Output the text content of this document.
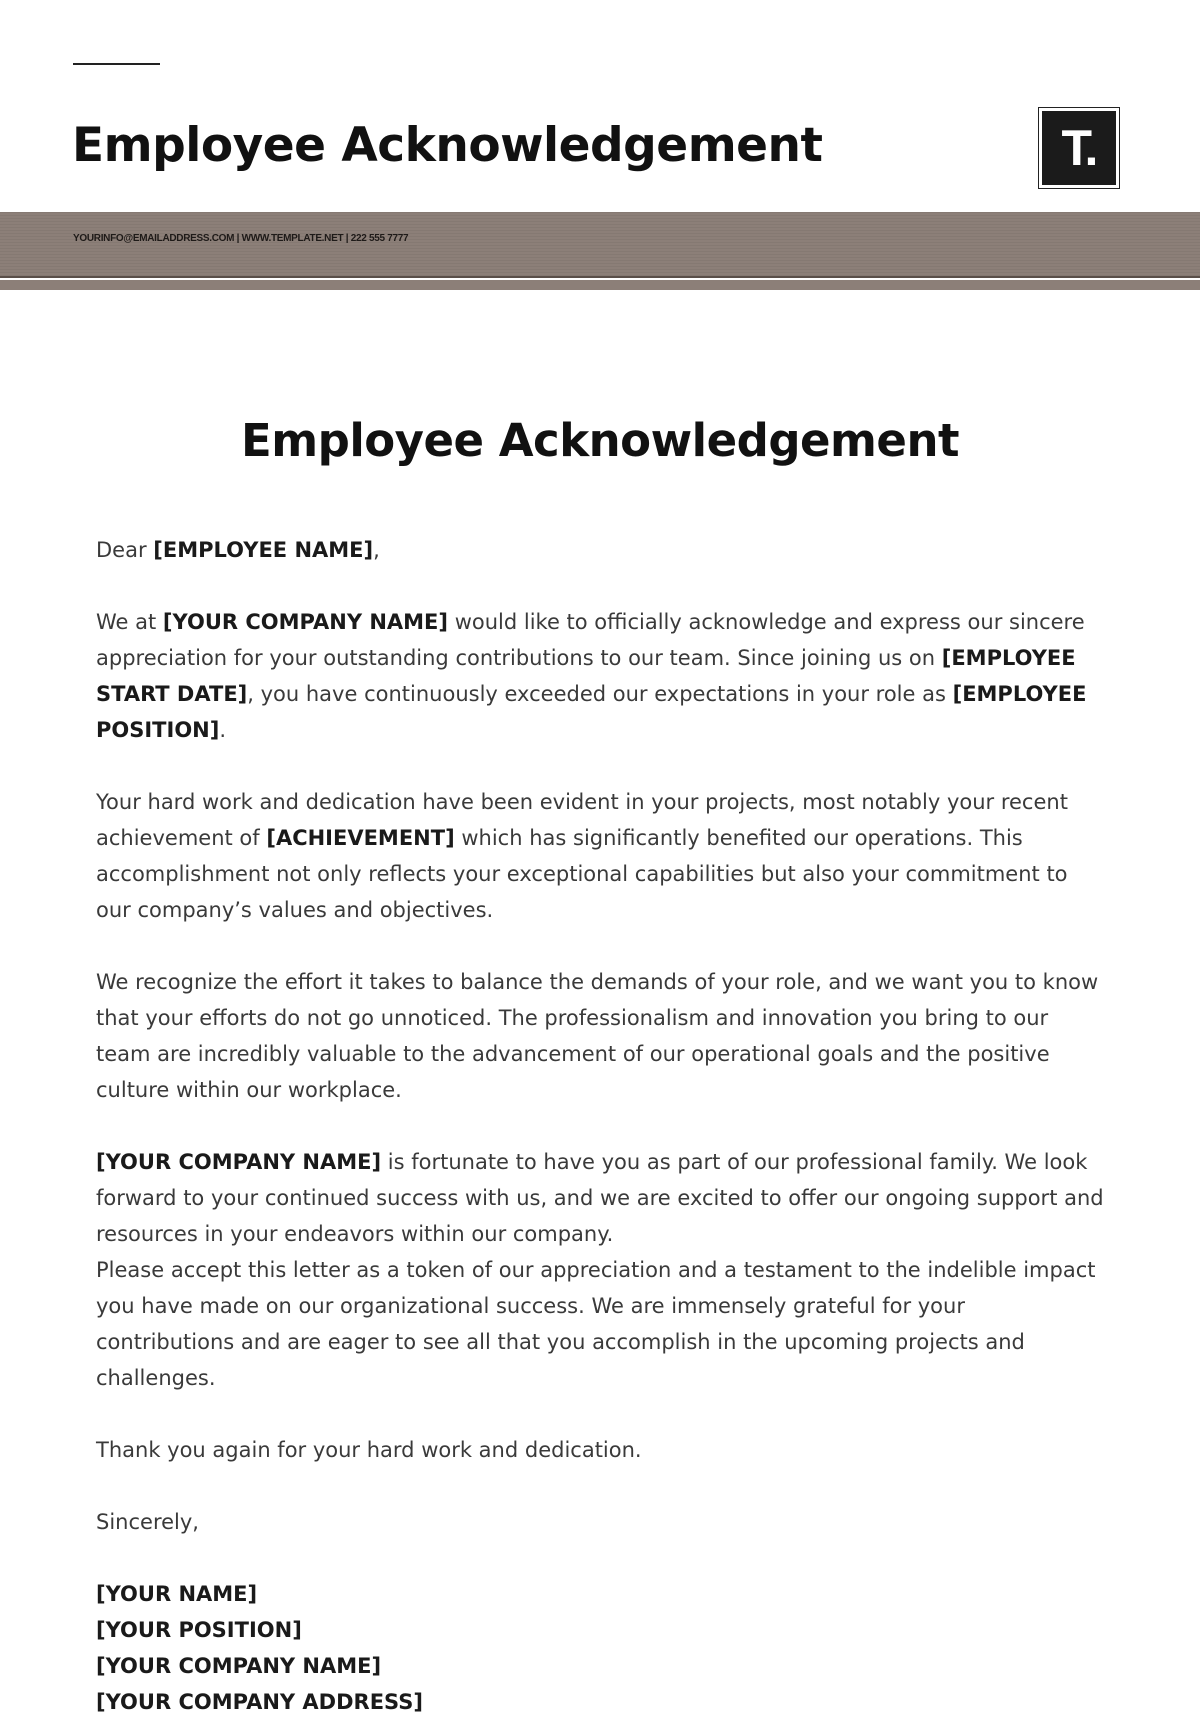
Employee Acknowledgement	T.
YOURINFO@EMAILADDRESS.COM | WWW.TEMPLATE.NET | 222 555 7777
Employee Acknowledgement

Dear [EMPLOYEE NAME],

We at [YOUR COMPANY NAME] would like to officially acknowledge and express our sincere appreciation for your outstanding contributions to our team. Since joining us on [EMPLOYEE START DATE], you have continuously exceeded our expectations in your role as [EMPLOYEE POSITION].

Your hard work and dedication have been evident in your projects, most notably your recent achievement of [ACHIEVEMENT] which has significantly benefited our operations. This accomplishment not only reflects your exceptional capabilities but also your commitment to our company’s values and objectives.

We recognize the effort it takes to balance the demands of your role, and we want you to know that your efforts do not go unnoticed. The professionalism and innovation you bring to our team are incredibly valuable to the advancement of our operational goals and the positive culture within our workplace.

[YOUR COMPANY NAME] is fortunate to have you as part of our professional family. We look forward to your continued success with us, and we are excited to offer our ongoing support and resources in your endeavors within our company.

Please accept this letter as a token of our appreciation and a testament to the indelible impact you have made on our organizational success. We are immensely grateful for your contributions and are eager to see all that you accomplish in the upcoming projects and challenges.

Thank you again for your hard work and dedication.

Sincerely,

[YOUR NAME]

[YOUR POSITION]

[YOUR COMPANY NAME]

[YOUR COMPANY ADDRESS]
